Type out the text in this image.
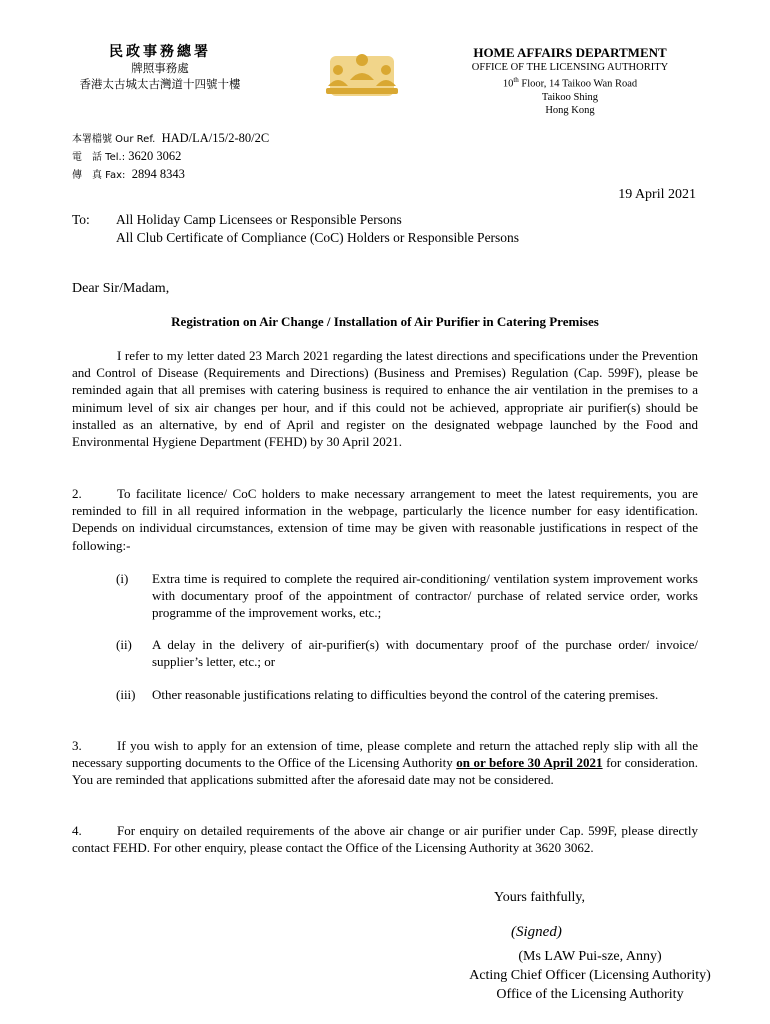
民政事務總署
牌照事務處
香港太古城太古灣道十四號十樓
HOME AFFAIRS DEPARTMENT
OFFICE OF THE LICENSING AUTHORITY
10th Floor, 14 Taikoo Wan Road
Taikoo Shing
Hong Kong
本署檔號 Our Ref. HAD/LA/15/2-80/2C
電　話 Tel.: 3620 3062
傳　真 Fax: 2894 8343
19 April 2021
To: All Holiday Camp Licensees or Responsible Persons
All Club Certificate of Compliance (CoC) Holders or Responsible Persons
Dear Sir/Madam,
Registration on Air Change / Installation of Air Purifier in Catering Premises
I refer to my letter dated 23 March 2021 regarding the latest directions and specifications under the Prevention and Control of Disease (Requirements and Directions) (Business and Premises) Regulation (Cap. 599F), please be reminded again that all premises with catering business is required to enhance the air ventilation in the premises to a minimum level of six air changes per hour, and if this could not be achieved, appropriate air purifier(s) should be installed as an alternative, by end of April and register on the designated webpage launched by the Food and Environmental Hygiene Department (FEHD) by 30 April 2021.
2.	To facilitate licence/ CoC holders to make necessary arrangement to meet the latest requirements, you are reminded to fill in all required information in the webpage, particularly the licence number for easy identification. Depends on individual circumstances, extension of time may be given with reasonable justifications in respect of the following:-
(i) Extra time is required to complete the required air-conditioning/ ventilation system improvement works with documentary proof of the appointment of contractor/ purchase of related service order, works programme of the improvement works, etc.;
(ii) A delay in the delivery of air-purifier(s) with documentary proof of the purchase order/ invoice/ supplier’s letter, etc.; or
(iii) Other reasonable justifications relating to difficulties beyond the control of the catering premises.
3.	If you wish to apply for an extension of time, please complete and return the attached reply slip with all the necessary supporting documents to the Office of the Licensing Authority on or before 30 April 2021 for consideration. You are reminded that applications submitted after the aforesaid date may not be considered.
4.	For enquiry on detailed requirements of the above air change or air purifier under Cap. 599F, please directly contact FEHD. For other enquiry, please contact the Office of the Licensing Authority at 3620 3062.
Yours faithfully,
(Signed)
(Ms LAW Pui-sze, Anny)
Acting Chief Officer (Licensing Authority)
Office of the Licensing Authority
